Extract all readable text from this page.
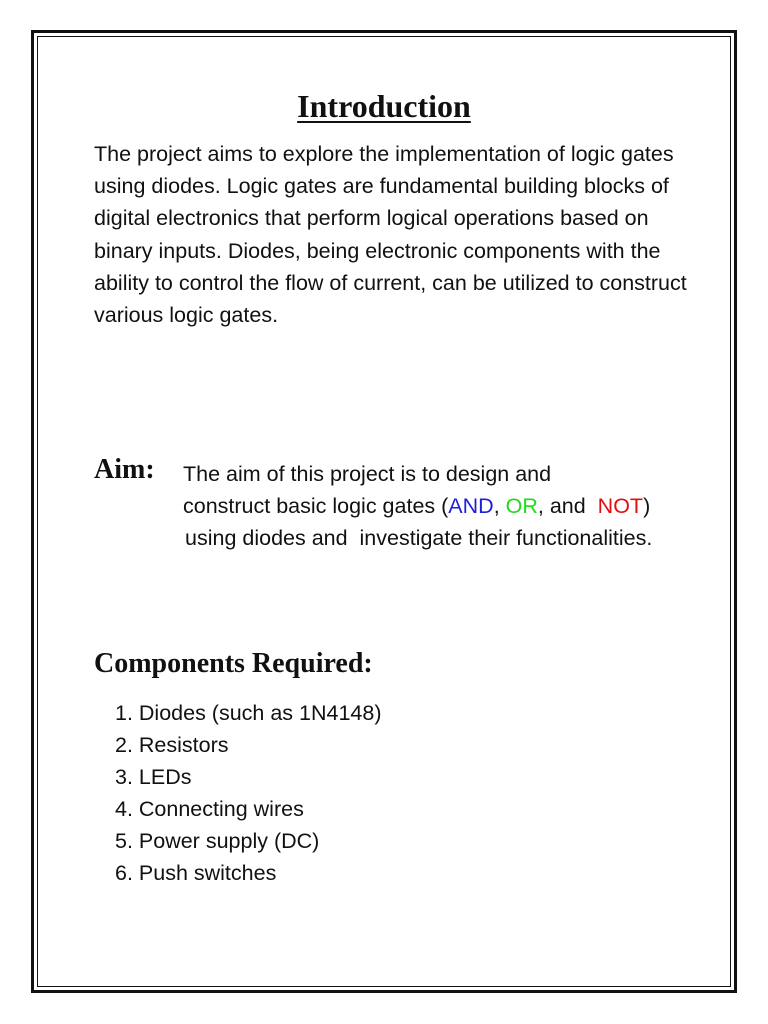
Introduction

The project aims to explore the implementation of logic gates using diodes. Logic gates are fundamental building blocks of digital electronics that perform logical operations based on binary inputs. Diodes, being electronic components with the ability to control the flow of current, can be utilized to construct various logic gates.

Aim: The aim of this project is to design and
construct basic logic gates (AND, OR, and  NOT)
using diodes and  investigate their functionalities.

Components Required:
1. Diodes (such as 1N4148)
2. Resistors
3. LEDs
4. Connecting wires
5. Power supply (DC)
6. Push switches
